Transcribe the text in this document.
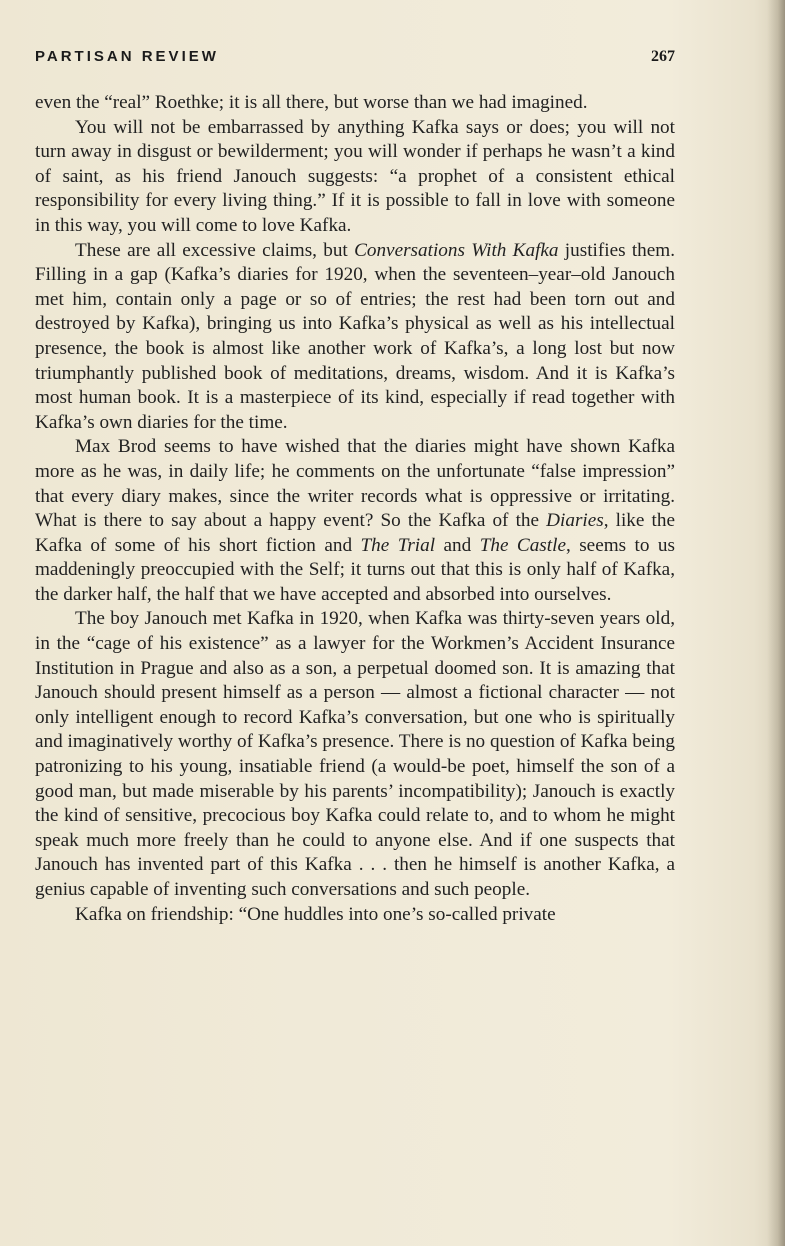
PARTISAN REVIEW	267

even the “real” Roethke; it is all there, but worse than we had imagined.

You will not be embarrassed by anything Kafka says or does; you will not turn away in disgust or bewilderment; you will wonder if perhaps he wasn’t a kind of saint, as his friend Janouch suggests: “a prophet of a consistent ethical responsibility for every living thing.” If it is possible to fall in love with someone in this way, you will come to love Kafka.

These are all excessive claims, but Conversations With Kafka justifies them. Filling in a gap (Kafka’s diaries for 1920, when the seventeen–year–old Janouch met him, contain only a page or so of entries; the rest had been torn out and destroyed by Kafka), bringing us into Kafka’s physical as well as his intellectual presence, the book is almost like another work of Kafka’s, a long lost but now triumphantly published book of meditations, dreams, wisdom. And it is Kafka’s most human book. It is a masterpiece of its kind, especially if read together with Kafka’s own diaries for the time.

Max Brod seems to have wished that the diaries might have shown Kafka more as he was, in daily life; he comments on the unfortunate “false impression” that every diary makes, since the writer records what is oppressive or irritating. What is there to say about a happy event? So the Kafka of the Diaries, like the Kafka of some of his short fiction and The Trial and The Castle, seems to us maddeningly preoccupied with the Self; it turns out that this is only half of Kafka, the darker half, the half that we have accepted and absorbed into ourselves.

The boy Janouch met Kafka in 1920, when Kafka was thirty-seven years old, in the “cage of his existence” as a lawyer for the Workmen’s Accident Insurance Institution in Prague and also as a son, a perpetual doomed son. It is amazing that Janouch should present himself as a person — almost a fictional character — not only intelligent enough to record Kafka’s conversation, but one who is spiritually and imaginatively worthy of Kafka’s presence. There is no question of Kafka being patronizing to his young, insatiable friend (a would-be poet, himself the son of a good man, but made miserable by his parents’ incompatibility); Janouch is exactly the kind of sensitive, precocious boy Kafka could relate to, and to whom he might speak much more freely than he could to anyone else. And if one suspects that Janouch has invented part of this Kafka . . . then he himself is another Kafka, a genius capable of inventing such conversations and such people.

Kafka on friendship: “One huddles into one’s so-called private
